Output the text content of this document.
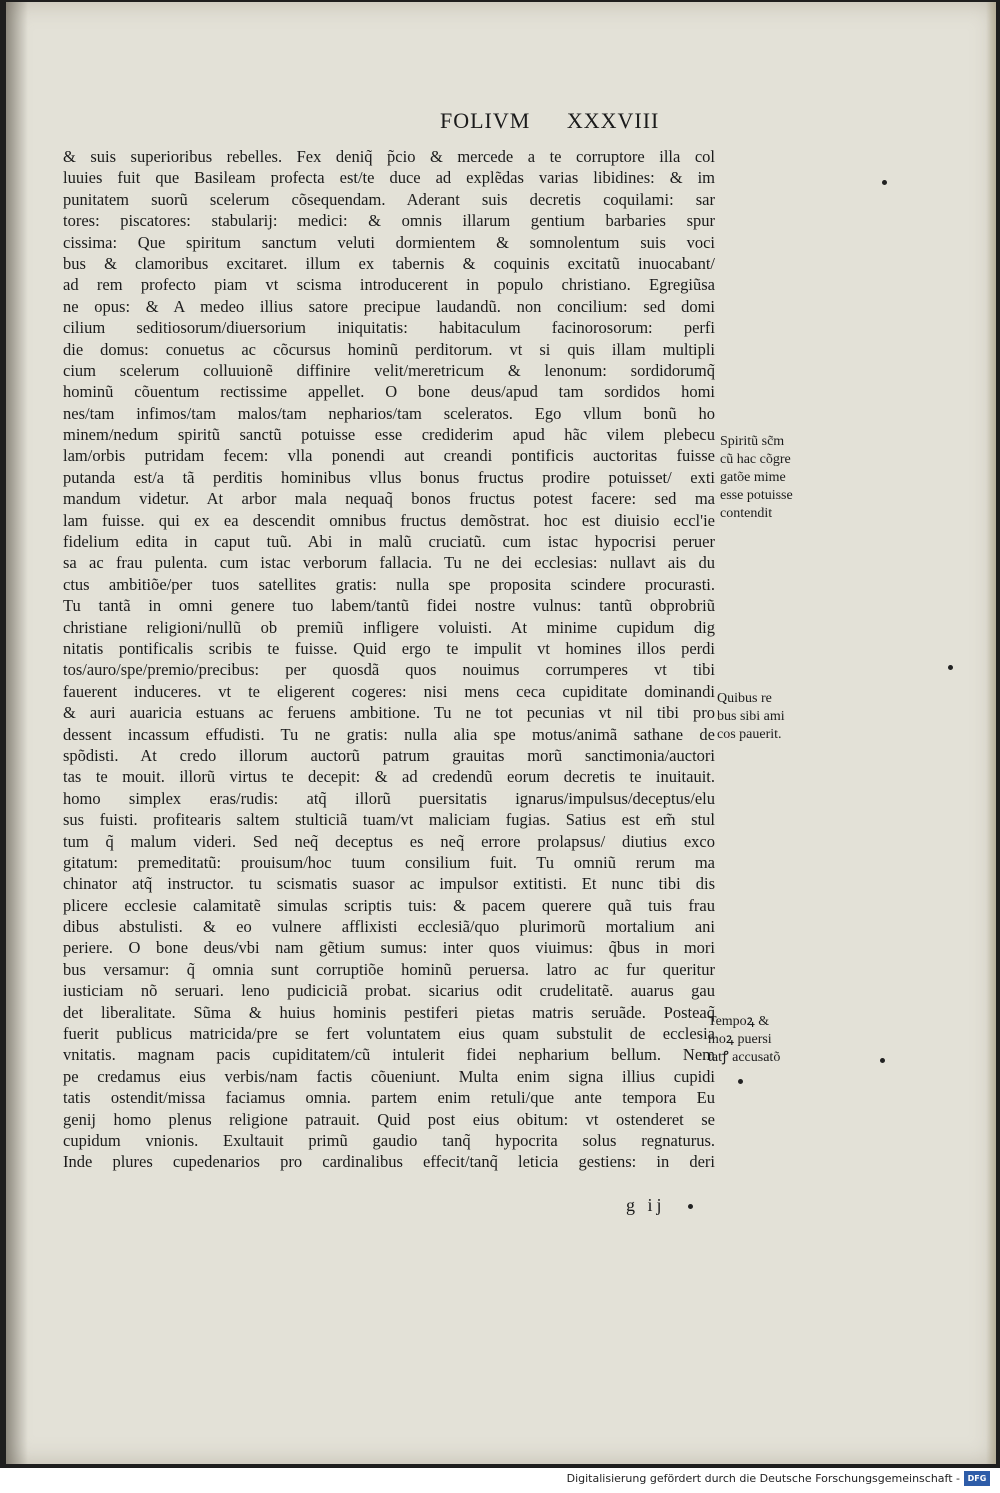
FOLIVM XXXVIII
& suis superioribus rebelles. Fex deniq̃ p̃cio & mercede a te corruptore illa col
luuies fuit que Basileam profecta est/te duce ad explẽdas varias libidines: & im
punitatem suorũ scelerum cõsequendam. Aderant suis decretis coquilami: sar
tores: piscatores: stabularij: medici: & omnis illarum gentium barbaries spur
cissima: Que spiritum sanctum veluti dormientem & somnolentum suis voci
bus & clamoribus excitaret. illum ex tabernis & coquinis excitatũ inuocabant/
ad rem profecto piam vt scisma introducerent in populo christiano. Egregiũsa
ne opus: & A medeo illius satore precipue laudandũ. non concilium: sed domi
cilium seditiosorum/diuersorium iniquitatis: habitaculum facinorosorum: perfi
die domus: conuetus ac cõcursus hominũ perditorum. vt si quis illam multipli
cium scelerum colluuionẽ diffinire velit/meretricum & lenonum: sordidorumq̃
hominũ cõuentum rectissime appellet. O bone deus/apud tam sordidos homi
nes/tam infimos/tam malos/tam nepharios/tam sceleratos. Ego vllum bonũ ho
minem/nedum spiritũ sanctũ potuisse esse crediderim apud hãc vilem plebecu
lam/orbis putridam fecem: vlla ponendi aut creandi pontificis auctoritas fuisse
putanda est/a tã perditis hominibus vllus bonus fructus prodire potuisset/ exti
mandum videtur. At arbor mala nequaq̃ bonos fructus potest facere: sed ma
lam fuisse. qui ex ea descendit omnibus fructus demõstrat. hoc est diuisio eccl'ie
fidelium edita in caput tuũ. Abi in malũ cruciatũ. cum istac hypocrisi peruer
sa ac frau pulenta. cum istac verborum fallacia. Tu ne dei ecclesias: nullavt ais du
ctus ambitiõe/per tuos satellites gratis: nulla spe proposita scindere procurasti.
Tu tantã in omni genere tuo labem/tantũ fidei nostre vulnus: tantũ obprobriũ
christiane religioni/nullũ ob premiũ infligere voluisti. At minime cupidum dig
nitatis pontificalis scribis te fuisse. Quid ergo te impulit vt homines illos perdi
tos/auro/spe/premio/precibus: per quosdã quos nouimus corrumperes vt tibi
fauerent induceres. vt te eligerent cogeres: nisi mens ceca cupiditate dominandi
& auri auaricia estuans ac feruens ambitione. Tu ne tot pecunias vt nil tibi pro
dessent incassum effudisti. Tu ne gratis: nulla alia spe motus/animã sathane de
spõdisti. At credo illorum auctorũ patrum grauitas morũ sanctimonia/auctori
tas te mouit. illorũ virtus te decepit: & ad credendũ eorum decretis te inuitauit.
homo simplex eras/rudis: atq̃ illorũ puersitatis ignarus/impulsus/deceptus/elu
sus fuisti. profitearis saltem stulticiã tuam/vt maliciam fugias. Satius est em̃ stul
tum q̃ malum videri. Sed neq̃ deceptus es neq̃ errore prolapsus/ diutius exco
gitatum: premeditatũ: prouisum/hoc tuum consilium fuit. Tu omniũ rerum ma
chinator atq̃ instructor. tu scismatis suasor ac impulsor extitisti. Et nunc tibi dis
plicere ecclesie calamitatẽ simulas scriptis tuis: & pacem querere quã tuis frau
dibus abstulisti. & eo vulnere afflixisti ecclesiã/quo plurimorũ mortalium ani
periere. O bone deus/vbi nam gẽtium sumus: inter quos viuimus: q̃bus in mori
bus versamur: q̃ omnia sunt corruptiõe hominũ peruersa. latro ac fur queritur
iusticiam nõ seruari. leno pudiciciã probat. sicarius odit crudelitatẽ. auarus gau
det liberalitate. Sũma & huius hominis pestiferi pietas matris seruãde. Posteaq̃
fuerit publicus matricida/pre se fert voluntatem eius quam substulit de ecclesia
vnitatis. magnam pacis cupiditatem/cũ intulerit fidei nepharium bellum. Nem
pe credamus eius verbis/nam factis cõueniunt. Multa enim signa illius cupidi
tatis ostendit/missa faciamus omnia. partem enim retuli/que ante tempora Eu
genij homo plenus religione patrauit. Quid post eius obitum: vt ostenderet se
cupidum vnionis. Exultauit primũ gaudio tanq̃ hypocrita solus regnaturus.
Inde plures cupedenarios pro cardinalibus effecit/tanq̃ leticia gestiens: in deri
Spiritũ sc̃m
cũ hac cõgre
gatõe mime
esse potuisse
contendit
Quibus re
bus sibi ami
cos pauerit.
Tempoꝝ &
moꝝ puersi
tatꝭ accusatõ
g ij
Digitalisierung gefördert durch die Deutsche Forschungsgemeinschaft - DFG
